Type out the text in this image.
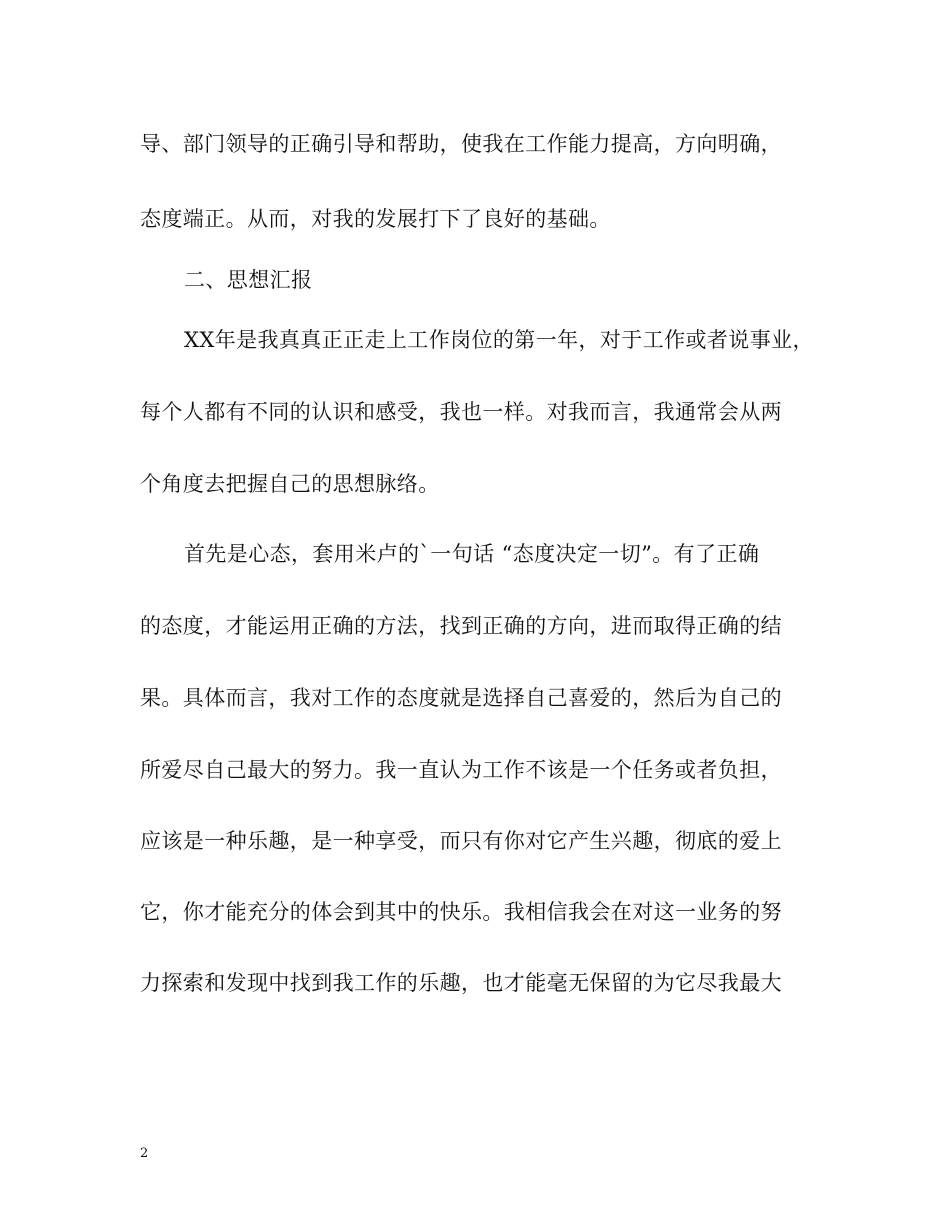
导、部门领导的正确引导和帮助，使我在工作能力提高，方向明确，
态度端正。从而，对我的发展打下了良好的基础。
二、思想汇报
XX年是我真真正正走上工作岗位的第一年，对于工作或者说事业，
每个人都有不同的认识和感受，我也一样。对我而言，我通常会从两
个角度去把握自己的思想脉络。
首先是心态，套用米卢的`一句话 “态度决定一切”。有了正确
的态度，才能运用正确的方法，找到正确的方向，进而取得正确的结
果。具体而言，我对工作的态度就是选择自己喜爱的，然后为自己的
所爱尽自己最大的努力。我一直认为工作不该是一个任务或者负担，
应该是一种乐趣，是一种享受，而只有你对它产生兴趣，彻底的爱上
它，你才能充分的体会到其中的快乐。我相信我会在对这一业务的努
力探索和发现中找到我工作的乐趣，也才能毫无保留的为它尽我最大
2
